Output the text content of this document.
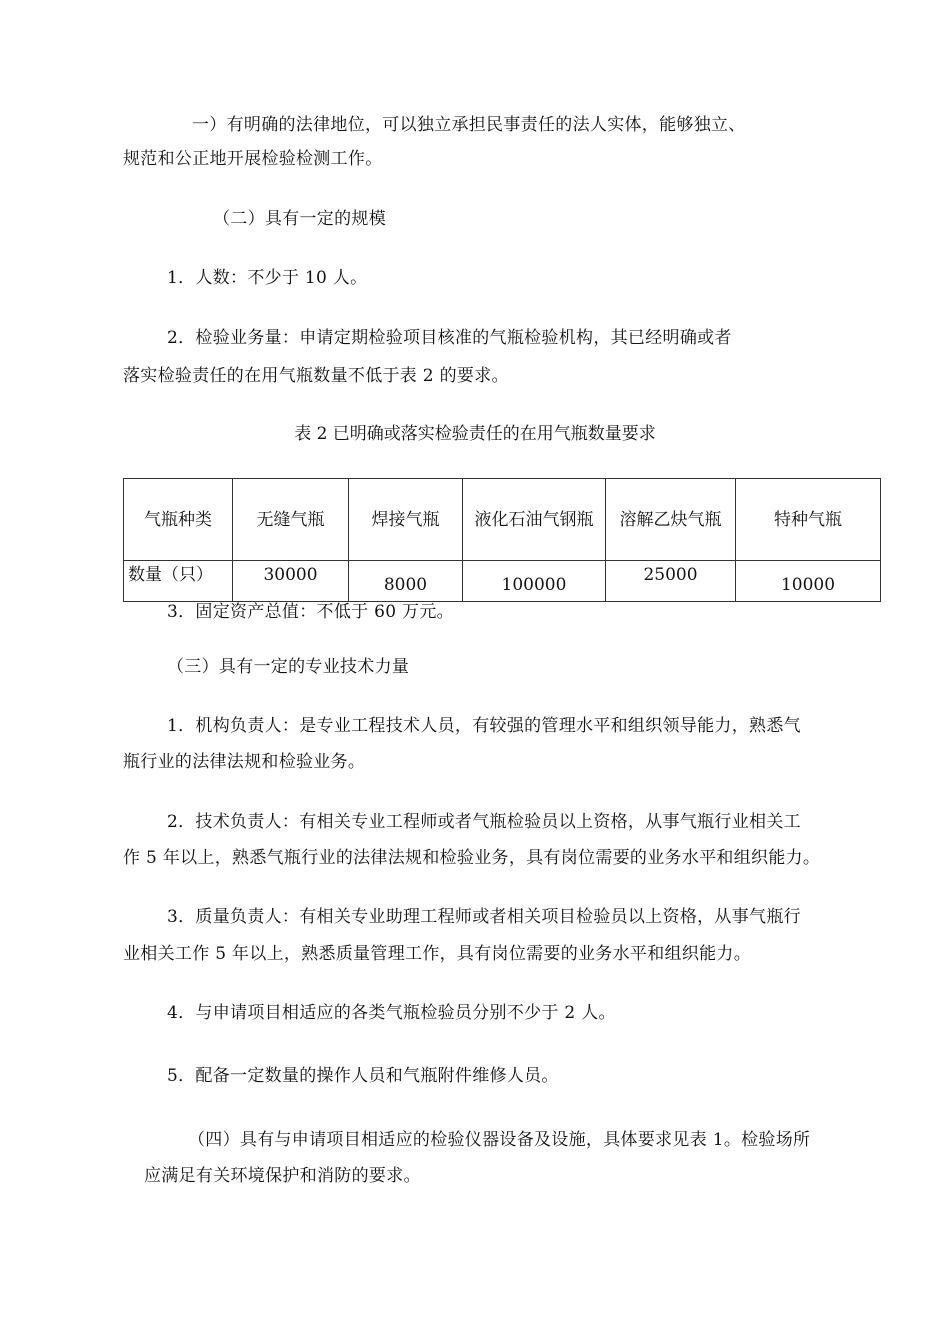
一）有明确的法律地位，可以独立承担民事责任的法人实体，能够独立、
规范和公正地开展检验检测工作。
（二）具有一定的规模
1．人数：不少于 10 人。
2．检验业务量：申请定期检验项目核准的气瓶检验机构，其已经明确或者
落实检验责任的在用气瓶数量不低于表 2 的要求。
表 2 已明确或落实检验责任的在用气瓶数量要求
气瓶种类	无缝气瓶	焊接气瓶	液化石油气钢瓶	溶解乙炔气瓶	特种气瓶
数量（只）	30000	8000	100000	25000	10000
3．固定资产总值：不低于 60 万元。
（三）具有一定的专业技术力量
1．机构负责人：是专业工程技术人员，有较强的管理水平和组织领导能力，熟悉气
瓶行业的法律法规和检验业务。
2．技术负责人：有相关专业工程师或者气瓶检验员以上资格，从事气瓶行业相关工
作 5 年以上，熟悉气瓶行业的法律法规和检验业务，具有岗位需要的业务水平和组织能力。
3．质量负责人：有相关专业助理工程师或者相关项目检验员以上资格，从事气瓶行
业相关工作 5 年以上，熟悉质量管理工作，具有岗位需要的业务水平和组织能力。
4．与申请项目相适应的各类气瓶检验员分别不少于 2 人。
5．配备一定数量的操作人员和气瓶附件维修人员。
（四）具有与申请项目相适应的检验仪器设备及设施，具体要求见表 1。检验场所
应满足有关环境保护和消防的要求。
